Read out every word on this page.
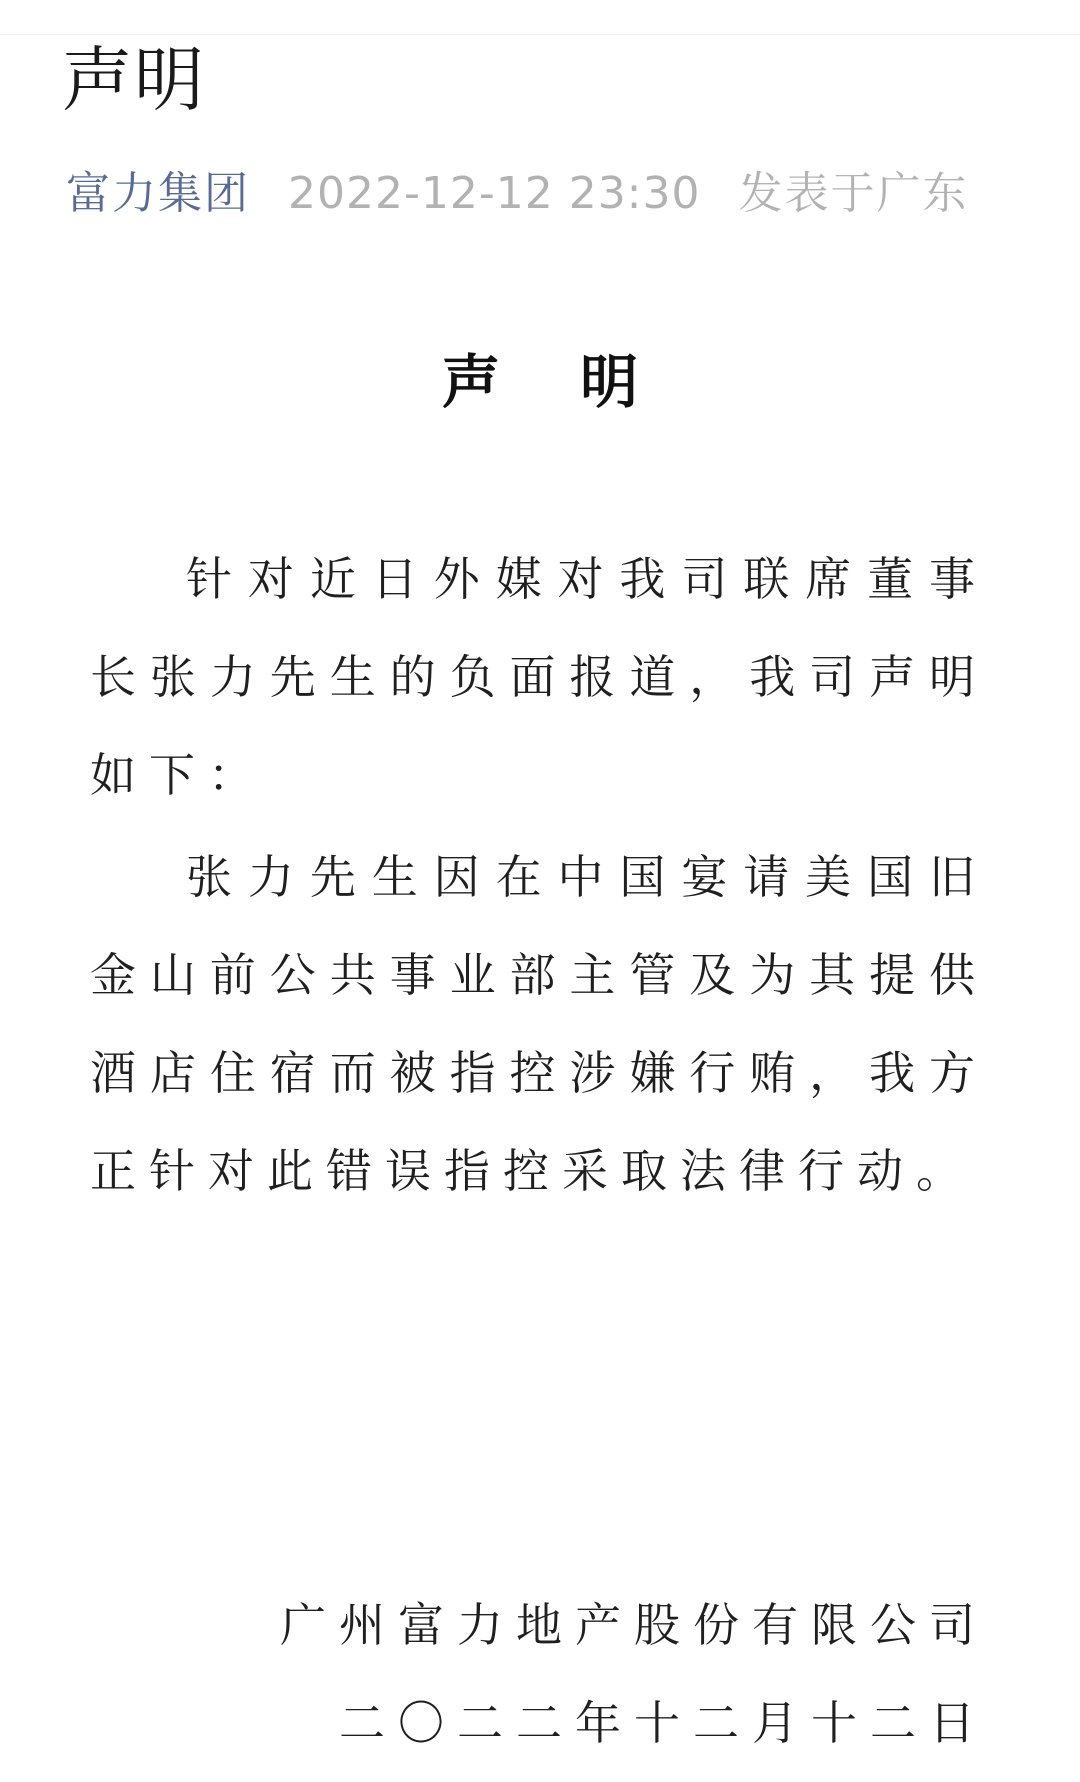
声明
富力集团 2022-12-12 23:30 发表于广东
声 明

针对近日外媒对我司联席董事长张力先生的负面报道，我司声明如下：

张力先生因在中国宴请美国旧金山前公共事业部主管及为其提供酒店住宿而被指控涉嫌行贿，我方正针对此错误指控采取法律行动。

广州富力地产股份有限公司
二〇二二年十二月十二日
